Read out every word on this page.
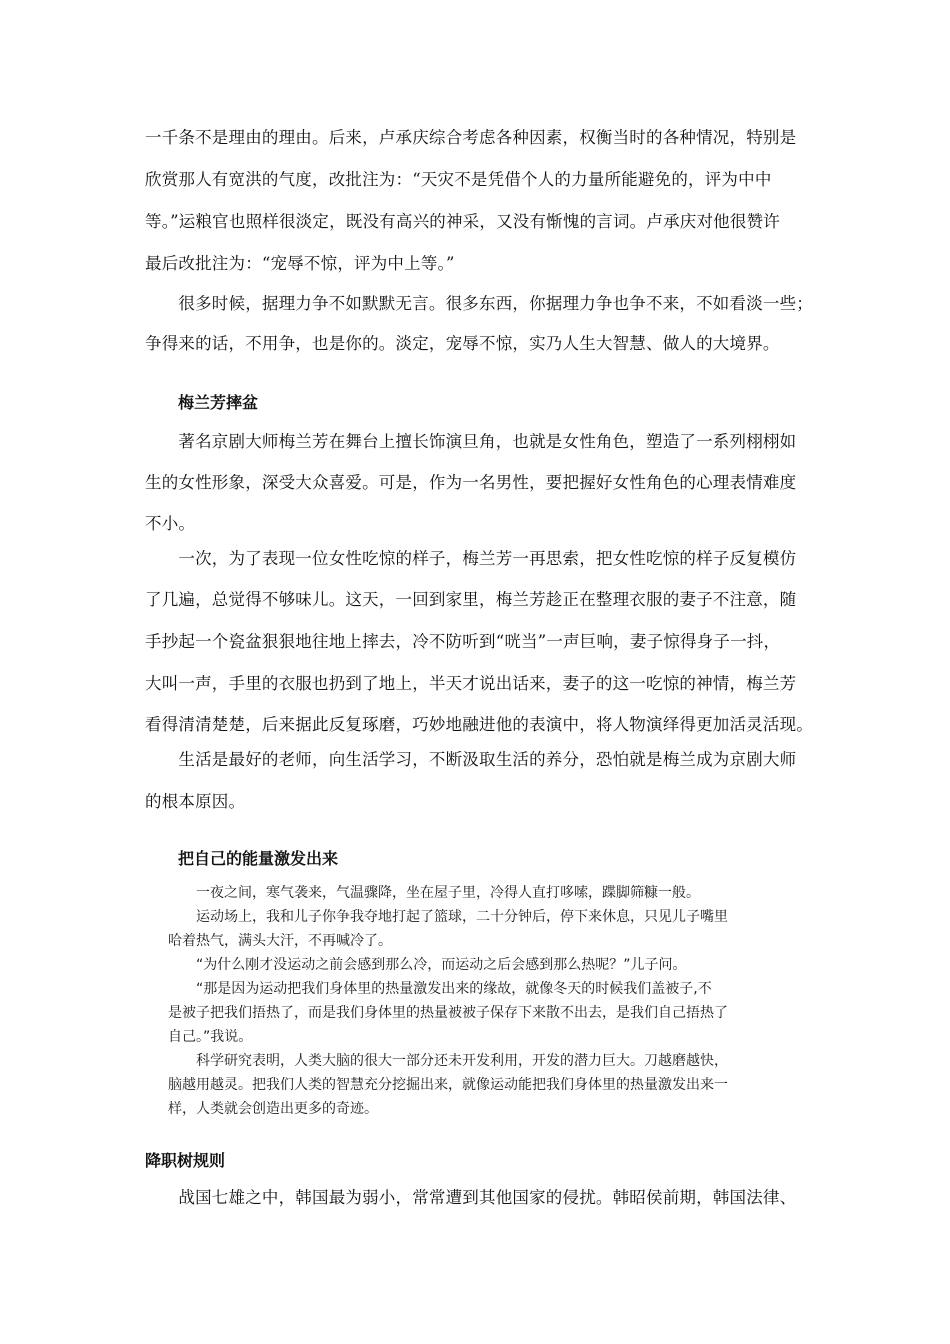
一千条不是理由的理由。后来，卢承庆综合考虑各种因素，权衡当时的各种情况，特别是
欣赏那人有宽洪的气度，改批注为：“天灾不是凭借个人的力量所能避免的，评为中中
等。”运粮官也照样很淡定，既没有高兴的神采，又没有惭愧的言词。卢承庆对他很赞许
最后改批注为：“宠辱不惊，评为中上等。”
　　很多时候，据理力争不如默默无言。很多东西，你据理力争也争不来，不如看淡一些；
争得来的话，不用争，也是你的。淡定，宠辱不惊，实乃人生大智慧、做人的大境界。
梅兰芳摔盆
　　著名京剧大师梅兰芳在舞台上擅长饰演旦角，也就是女性角色，塑造了一系列栩栩如
生的女性形象，深受大众喜爱。可是，作为一名男性，要把握好女性角色的心理表情难度
不小。
　　一次，为了表现一位女性吃惊的样子，梅兰芳一再思索，把女性吃惊的样子反复模仿
了几遍，总觉得不够味儿。这天，一回到家里，梅兰芳趁正在整理衣服的妻子不注意，随
手抄起一个瓷盆狠狠地往地上摔去，冷不防听到“咣当”一声巨响，妻子惊得身子一抖，
大叫一声，手里的衣服也扔到了地上，半天才说出话来，妻子的这一吃惊的神情，梅兰芳
看得清清楚楚，后来据此反复琢磨，巧妙地融进他的表演中，将人物演绎得更加活灵活现。
　　生活是最好的老师，向生活学习，不断汲取生活的养分，恐怕就是梅兰成为京剧大师
的根本原因。
把自己的能量激发出来
　　一夜之间，寒气袭来，气温骤降，坐在屋子里，冷得人直打哆嗦，蹀脚筛糠一般。
　　运动场上，我和儿子你争我夺地打起了篮球，二十分钟后，停下来休息，只见儿子嘴里
哈着热气，满头大汗，不再喊冷了。
　　“为什么刚才没运动之前会感到那么冷，而运动之后会感到那么热呢？”儿子问。
　　“那是因为运动把我们身体里的热量激发出来的缘故，就像冬天的时候我们盖被子,不
是被子把我们捂热了，而是我们身体里的热量被被子保存下来散不出去，是我们自己捂热了
自己。”我说。
　　科学研究表明，人类大脑的很大一部分还未开发利用，开发的潜力巨大。刀越磨越快，
脑越用越灵。把我们人类的智慧充分挖掘出来，就像运动能把我们身体里的热量激发出来一
样，人类就会创造出更多的奇迹。
降职树规则
　　战国七雄之中，韩国最为弱小，常常遭到其他国家的侵扰。韩昭侯前期，韩国法律、
